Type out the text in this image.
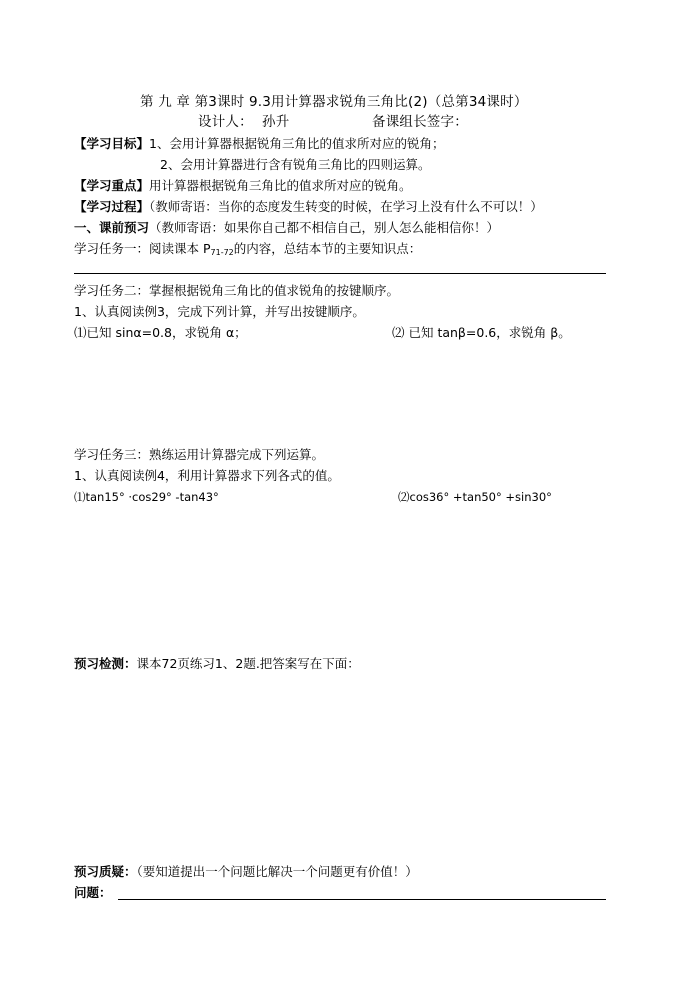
第 九 章 第3课时 9.3用计算器求锐角三角比(2)（总第34课时）
设计人： 孙升	备课组长签字：
【学习目标】1、会用计算器根据锐角三角比的值求所对应的锐角；
2、会用计算器进行含有锐角三角比的四则运算。
【学习重点】用计算器根据锐角三角比的值求所对应的锐角。
【学习过程】（教师寄语：当你的态度发生转变的时候，在学习上没有什么不可以！）
一、课前预习（教师寄语：如果你自己都不相信自己，别人怎么能相信你！）
学习任务一：阅读课本 $P_{71-72}$的内容，总结本节的主要知识点：
学习任务二：掌握根据锐角三角比的值求锐角的按键顺序。
1、认真阅读例3，完成下列计算，并写出按键顺序。
⑴已知 sinα=0.8，求锐角 α；	⑵ 已知 tanβ=0.6，求锐角 β。
学习任务三：熟练运用计算器完成下列运算。
1、认真阅读例4，利用计算器求下列各式的值。
⑴tan15° ·cos29° -tan43°	⑵cos36° +tan50° +sin30°
预习检测：课本72页练习1、2题.把答案写在下面：
预习质疑：（要知道提出一个问题比解决一个问题更有价值！）
问题：
